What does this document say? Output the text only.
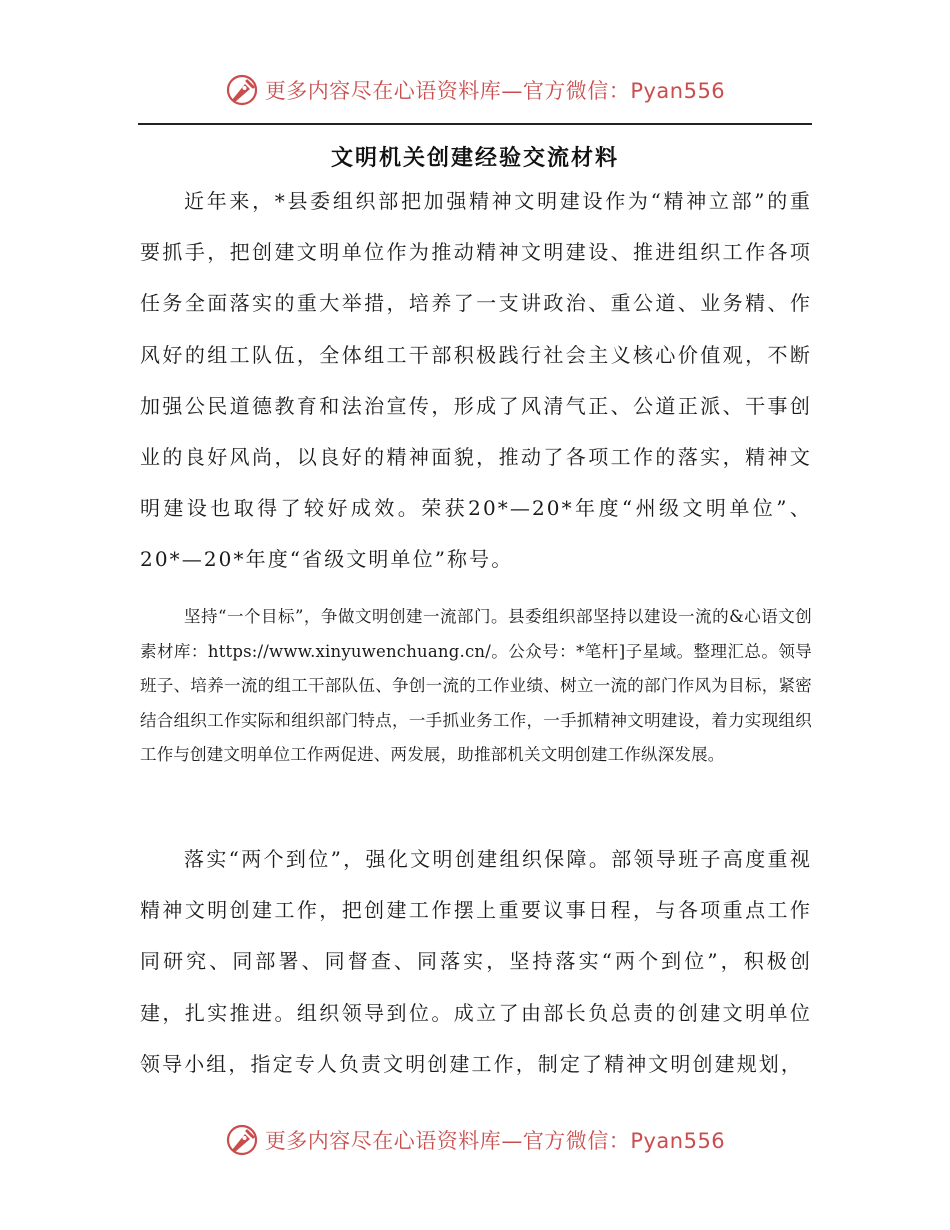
更多内容尽在心语资料库—官方微信：Pyan556
文明机关创建经验交流材料

近年来，*县委组织部把加强精神文明建设作为“精神立部”的重要抓手，把创建文明单位作为推动精神文明建设、推进组织工作各项任务全面落实的重大举措，培养了一支讲政治、重公道、业务精、作风好的组工队伍，全体组工干部积极践行社会主义核心价值观，不断加强公民道德教育和法治宣传，形成了风清气正、公道正派、干事创业的良好风尚，以良好的精神面貌，推动了各项工作的落实，精神文明建设也取得了较好成效。荣获20*—20*年度“州级文明单位”、20*—20*年度“省级文明单位”称号。

坚持“一个目标”，争做文明创建一流部门。县委组织部坚持以建设一流的&心语文创素材库：https://www.xinyuwenchuang.cn/。公众号：*笔杆]子星域。整理汇总。领导班子、培养一流的组工干部队伍、争创一流的工作业绩、树立一流的部门作风为目标，紧密结合组织工作实际和组织部门特点，一手抓业务工作，一手抓精神文明建设，着力实现组织工作与创建文明单位工作两促进、两发展，助推部机关文明创建工作纵深发展。

落实“两个到位”，强化文明创建组织保障。部领导班子高度重视精神文明创建工作，把创建工作摆上重要议事日程，与各项重点工作同研究、同部署、同督查、同落实，坚持落实“两个到位”，积极创建，扎实推进。组织领导到位。成立了由部长负总责的创建文明单位领导小组，指定专人负责文明创建工作，制定了精神文明创建规划，

更多内容尽在心语资料库—官方微信：Pyan556
